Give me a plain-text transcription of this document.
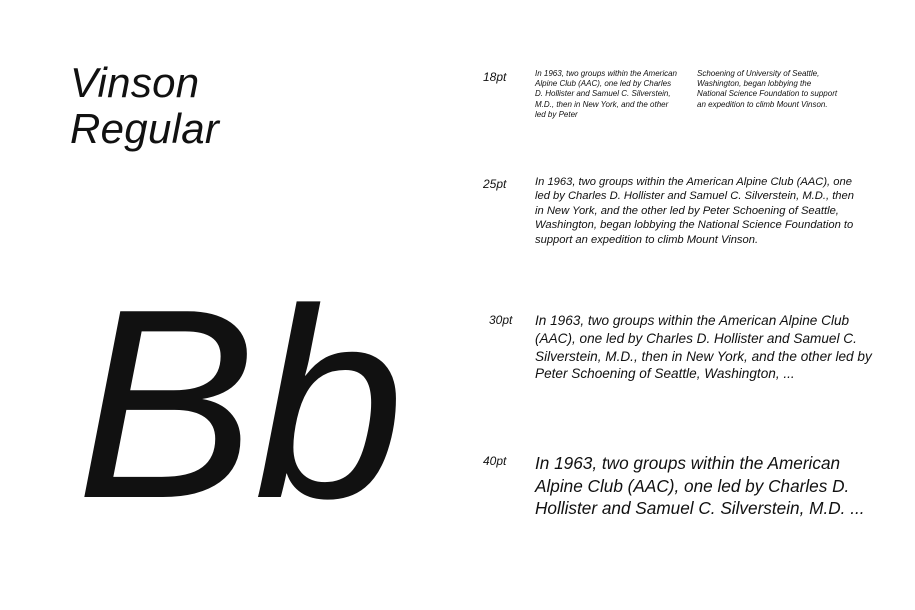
Vinson
Regular
Bb
18pt	In 1963, two groups within the American Alpine Club (AAC), one led by Charles D. Hollister and Samuel C. Silverstein, M.D., then in New York, and the other led by Peter

Schoening of University of Seattle, Washington, began lobbying the National Science Foundation to support an expedition to climb Mount Vinson.

25pt	In 1963, two groups within the American Alpine Club (AAC), one led by Charles D. Hollister and Samuel C. Silverstein, M.D., then in New York, and the other led by Peter Schoening of Seattle, Washington, began lobbying the National Science Foundation to support an expedition to climb Mount Vinson.

30pt In 1963, two groups within the American Alpine Club (AAC), one led by Charles D. Hollister and Samuel C. Silverstein, M.D., then in New York, and the other led by Peter Schoening of Seattle, Washington, ...

40pt In 1963, two groups within the American Alpine Club (AAC), one led by Charles D. Hollister and Samuel C. Silverstein, M.D. ...
